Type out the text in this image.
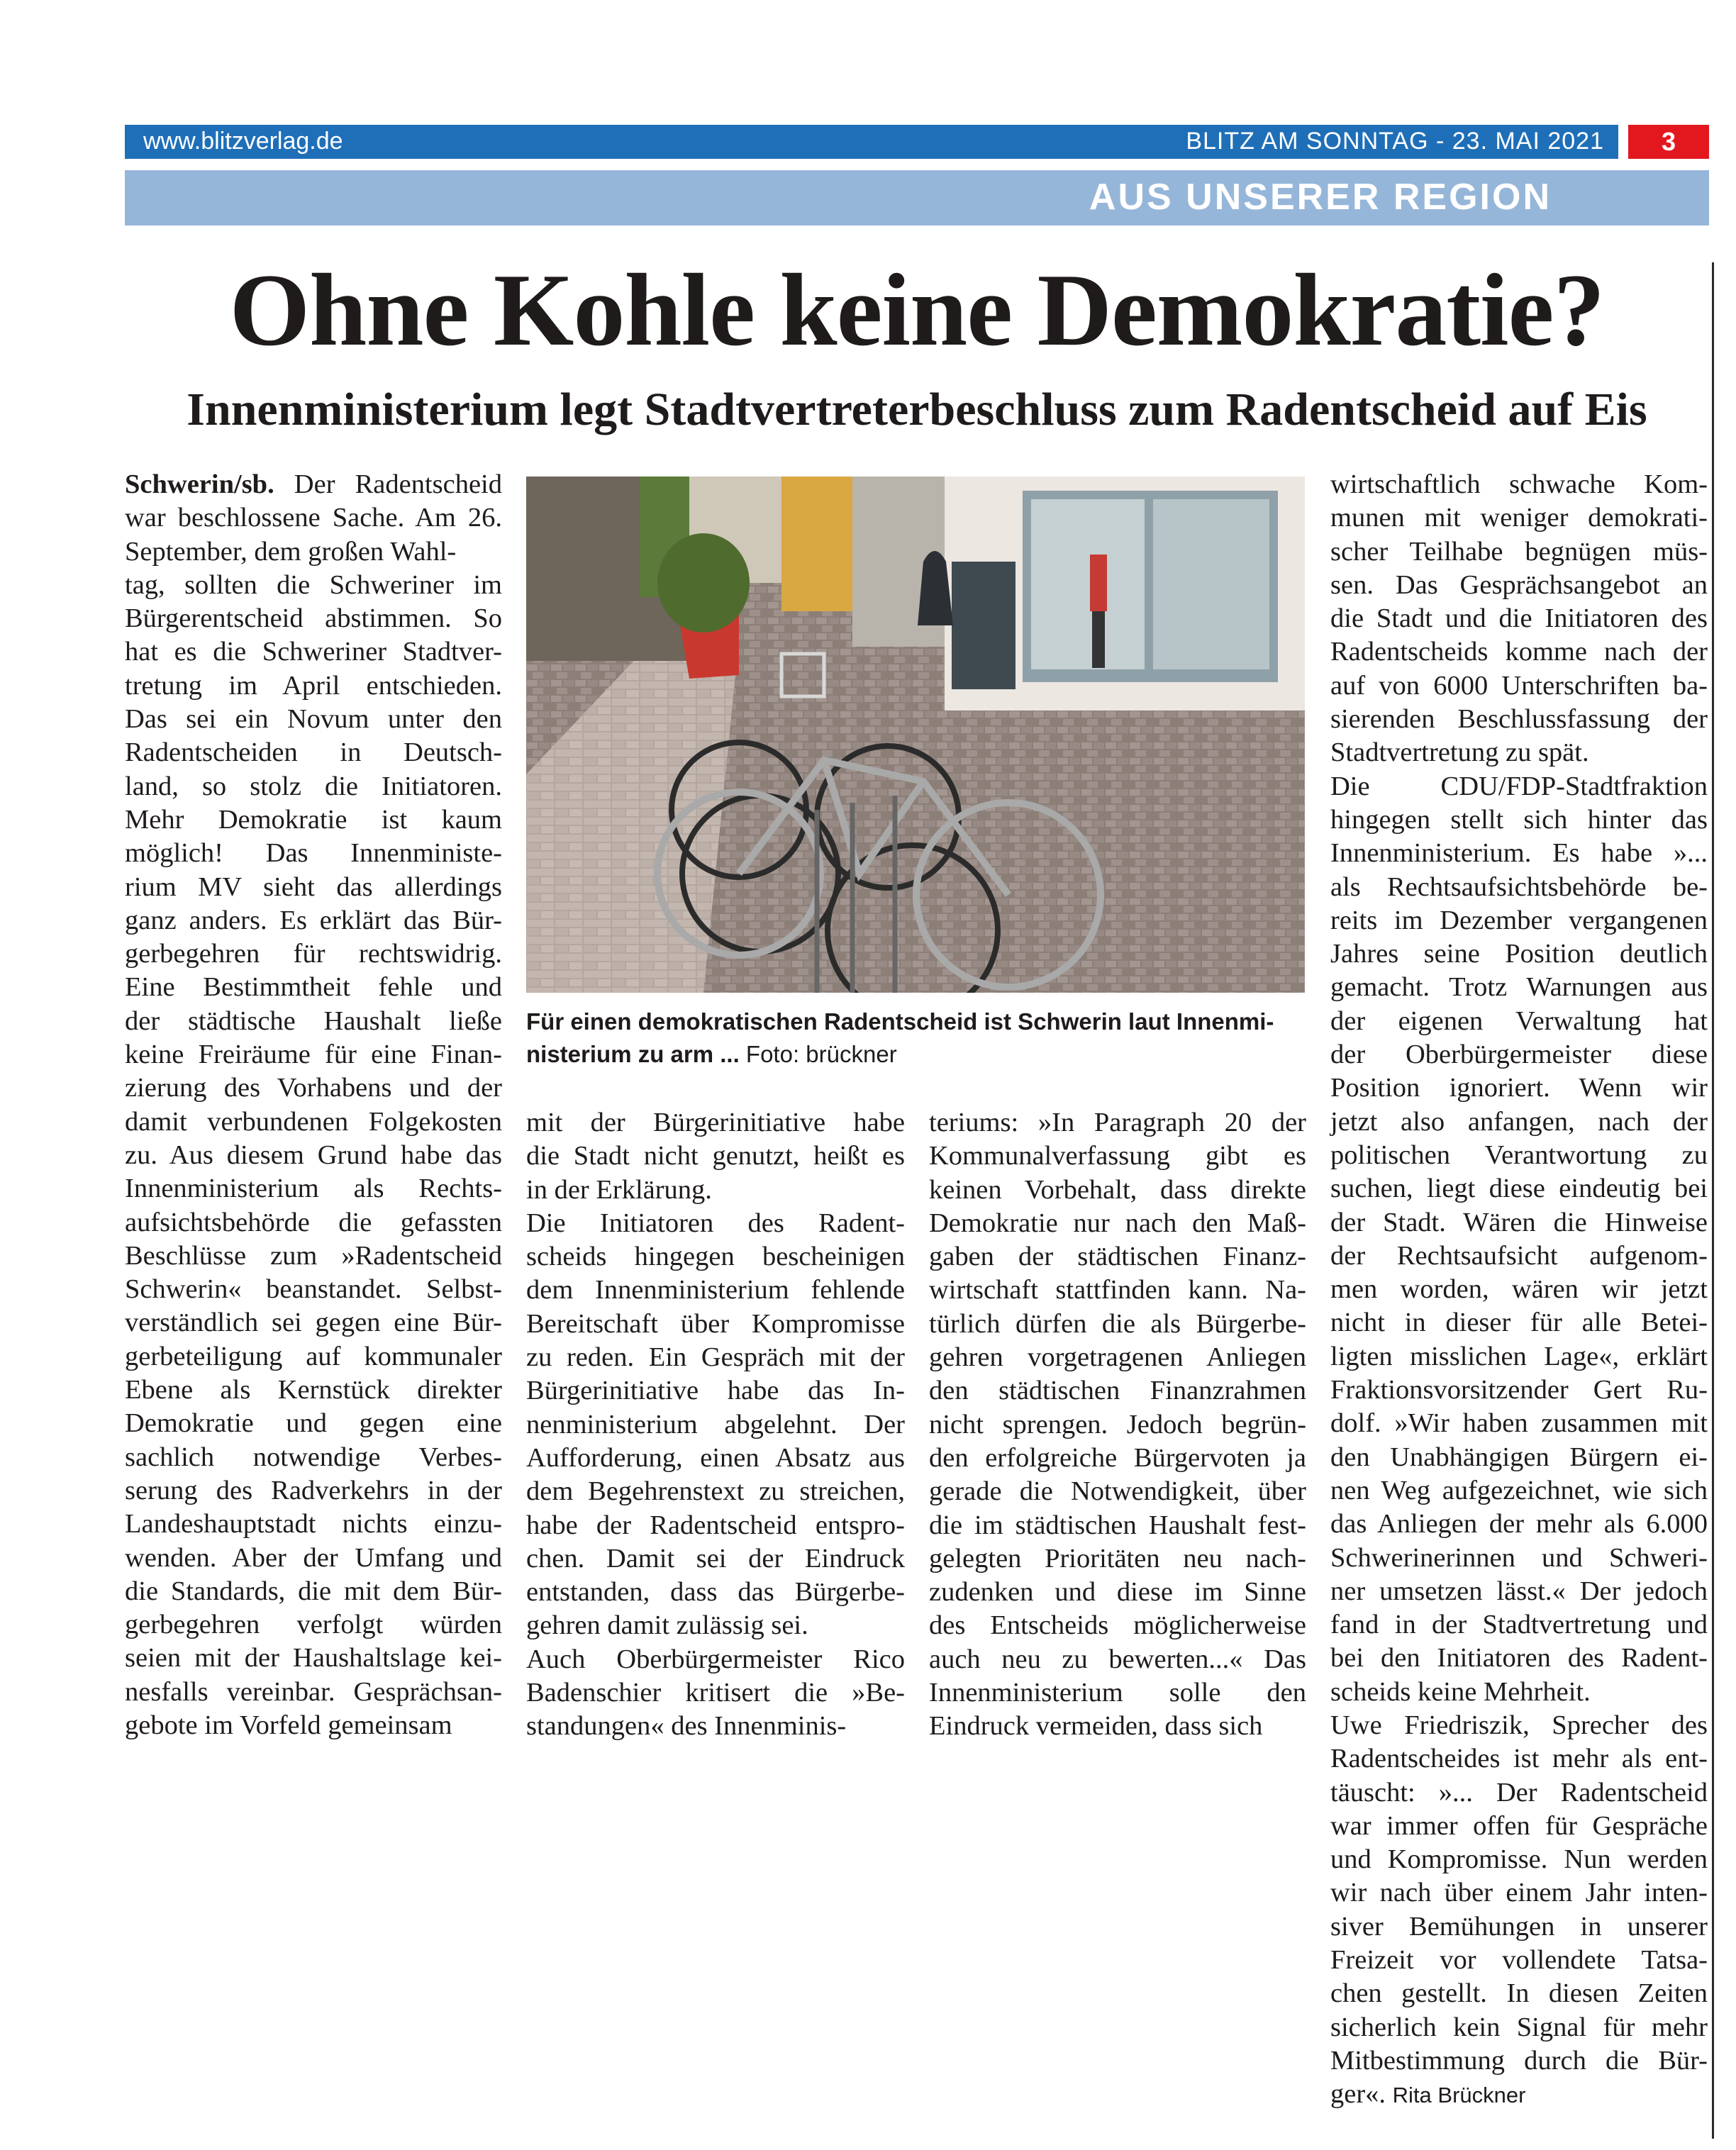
www.blitzverlag.de	BLITZ AM SONNTAG - 23. MAI 2021	3
AUS UNSERER REGION
Ohne Kohle keine Demokratie?
Innenministerium legt Stadtvertreterbeschluss zum Radentscheid auf Eis
Schwerin/sb. Der Radentscheid
war beschlossene Sache. Am 26.
September, dem großen Wahl-
tag, sollten die Schweriner im
Bürgerentscheid abstimmen. So
hat es die Schweriner Stadtver-
tretung im April entschieden.
Das sei ein Novum unter den
Radentscheiden in Deutsch-
land, so stolz die Initiatoren.
Mehr Demokratie ist kaum
möglich! Das Innenministe-
rium MV sieht das allerdings
ganz anders. Es erklärt das Bür-
gerbegehren für rechtswidrig.
Eine Bestimmtheit fehle und
der städtische Haushalt ließe
keine Freiräume für eine Finan-
zierung des Vorhabens und der
damit verbundenen Folgekosten
zu. Aus diesem Grund habe das
Innenministerium als Rechts-
aufsichtsbehörde die gefassten
Beschlüsse zum »Radentscheid
Schwerin« beanstandet. Selbst-
verständlich sei gegen eine Bür-
gerbeteiligung auf kommunaler
Ebene als Kernstück direkter
Demokratie und gegen eine
sachlich notwendige Verbes-
serung des Radverkehrs in der
Landeshauptstadt nichts einzu-
wenden. Aber der Umfang und
die Standards, die mit dem Bür-
gerbegehren verfolgt würden
seien mit der Haushaltslage kei-
nesfalls vereinbar. Gesprächsan-
gebote im Vorfeld gemeinsam
Für einen demokratischen Radentscheid ist Schwerin laut Innenmi-
nisterium zu arm ... Foto: brückner
mit der Bürgerinitiative habe
die Stadt nicht genutzt, heißt es
in der Erklärung.
Die Initiatoren des Radent-
scheids hingegen bescheinigen
dem Innenministerium fehlende
Bereitschaft über Kompromisse
zu reden. Ein Gespräch mit der
Bürgerinitiative habe das In-
nenministerium abgelehnt. Der
Aufforderung, einen Absatz aus
dem Begehrenstext zu streichen,
habe der Radentscheid entspro-
chen. Damit sei der Eindruck
entstanden, dass das Bürgerbe-
gehren damit zulässig sei.
Auch Oberbürgermeister Rico
Badenschier kritisert die »Be-
standungen« des Innenminis-
teriums: »In Paragraph 20 der
Kommunalverfassung gibt es
keinen Vorbehalt, dass direkte
Demokratie nur nach den Maß-
gaben der städtischen Finanz-
wirtschaft stattfinden kann. Na-
türlich dürfen die als Bürgerbe-
gehren vorgetragenen Anliegen
den städtischen Finanzrahmen
nicht sprengen. Jedoch begrün-
den erfolgreiche Bürgervoten ja
gerade die Notwendigkeit, über
die im städtischen Haushalt fest-
gelegten Prioritäten neu nach-
zudenken und diese im Sinne
des Entscheids möglicherweise
auch neu zu bewerten...« Das
Innenministerium solle den
Eindruck vermeiden, dass sich
wirtschaftlich schwache Kom-
munen mit weniger demokrati-
scher Teilhabe begnügen müs-
sen. Das Gesprächsangebot an
die Stadt und die Initiatoren des
Radentscheids komme nach der
auf von 6000 Unterschriften ba-
sierenden Beschlussfassung der
Stadtvertretung zu spät.
Die CDU/FDP-Stadtfraktion
hingegen stellt sich hinter das
Innenministerium. Es habe »...
als Rechtsaufsichtsbehörde be-
reits im Dezember vergangenen
Jahres seine Position deutlich
gemacht. Trotz Warnungen aus
der eigenen Verwaltung hat
der Oberbürgermeister diese
Position ignoriert. Wenn wir
jetzt also anfangen, nach der
politischen Verantwortung zu
suchen, liegt diese eindeutig bei
der Stadt. Wären die Hinweise
der Rechtsaufsicht aufgenom-
men worden, wären wir jetzt
nicht in dieser für alle Betei-
ligten misslichen Lage«, erklärt
Fraktionsvorsitzender Gert Ru-
dolf. »Wir haben zusammen mit
den Unabhängigen Bürgern ei-
nen Weg aufgezeichnet, wie sich
das Anliegen der mehr als 6.000
Schwerinerinnen und Schweri-
ner umsetzen lässt.« Der jedoch
fand in der Stadtvertretung und
bei den Initiatoren des Radent-
scheids keine Mehrheit.
Uwe Friedriszik, Sprecher des
Radentscheides ist mehr als ent-
täuscht: »... Der Radentscheid
war immer offen für Gespräche
und Kompromisse. Nun werden
wir nach über einem Jahr inten-
siver Bemühungen in unserer
Freizeit vor vollendete Tatsa-
chen gestellt. In diesen Zeiten
sicherlich kein Signal für mehr
Mitbestimmung durch die Bür-
ger«. Rita Brückner
